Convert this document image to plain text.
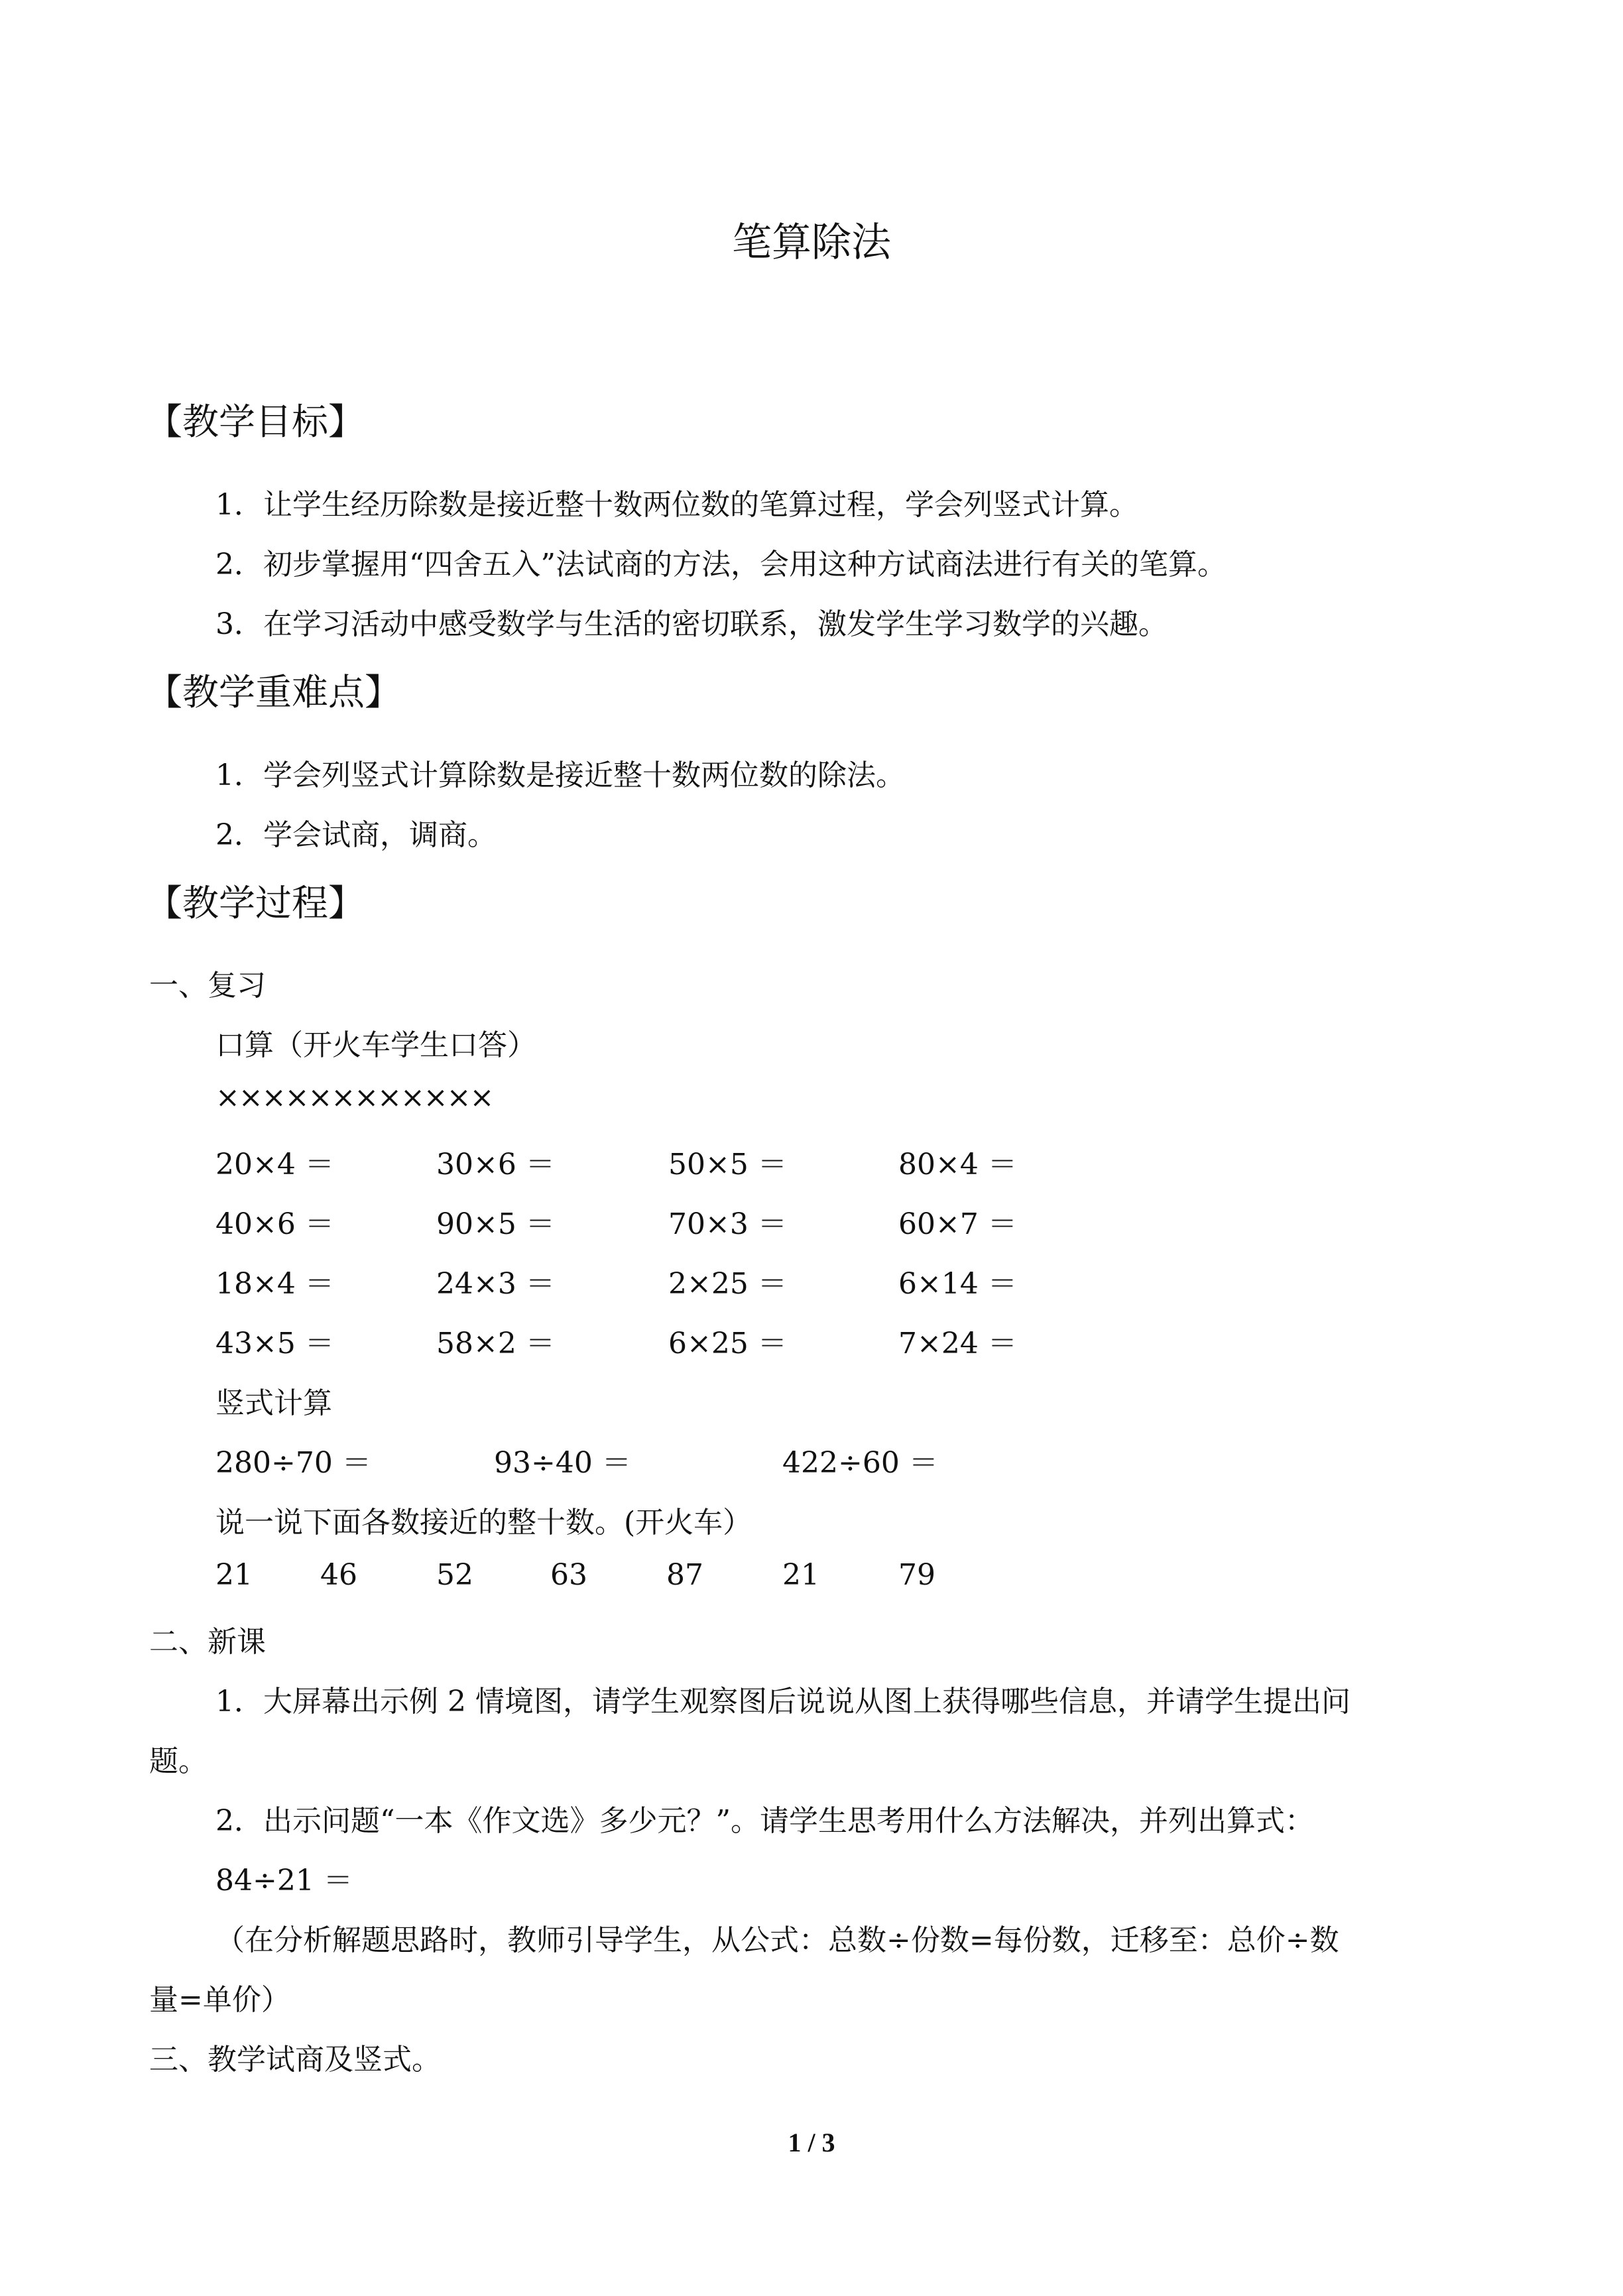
笔算除法
【教学目标】
1．让学生经历除数是接近整十数两位数的笔算过程，学会列竖式计算。
2．初步掌握用“四舍五入”法试商的方法，会用这种方试商法进行有关的笔算。
3．在学习活动中感受数学与生活的密切联系，激发学生学习数学的兴趣。
【教学重难点】
1．学会列竖式计算除数是接近整十数两位数的除法。
2．学会试商，调商。
【教学过程】
一、复习
口算（开火车学生口答）
××××××××××××
20×4 ＝	30×6 ＝	50×5 ＝	80×4 ＝
40×6 ＝	90×5 ＝	70×3 ＝	60×7 ＝
18×4 ＝	24×3 ＝	2×25 ＝	6×14 ＝
43×5 ＝	58×2 ＝	6×25 ＝	7×24 ＝
竖式计算
280÷70 ＝	93÷40 ＝	422÷60 ＝
说一说下面各数接近的整十数。(开火车）
21 46	52	63	87	21	79
二、新课
1．大屏幕出示例 2 情境图，请学生观察图后说说从图上获得哪些信息，并请学生提出问
题。
2．出示问题“一本《作文选》多少元？”。请学生思考用什么方法解决，并列出算式：
84÷21 ＝
（在分析解题思路时，教师引导学生，从公式：总数÷份数=每份数，迁移至：总价÷数
量=单价）
三、教学试商及竖式。
1 / 3
